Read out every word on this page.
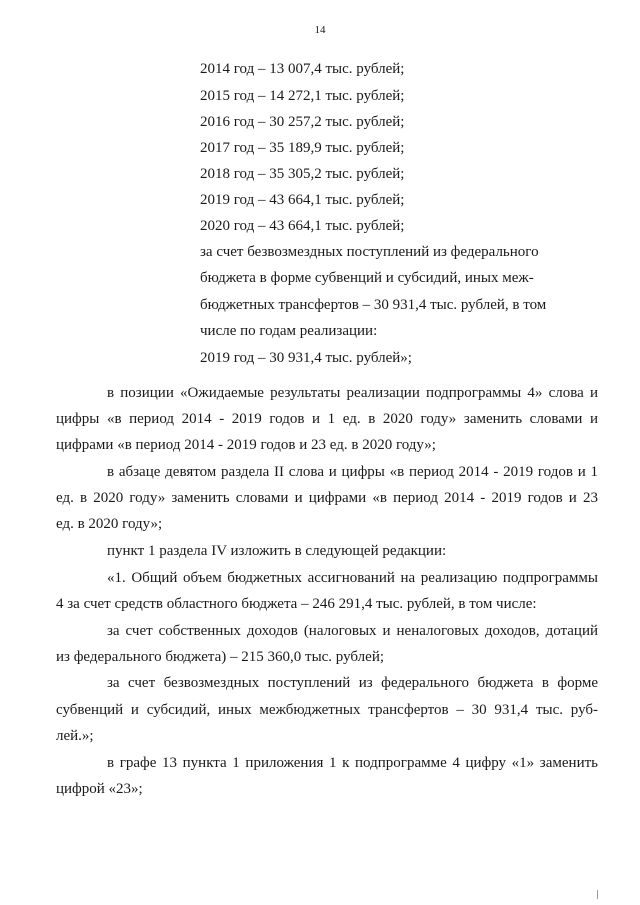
14
2014 год – 13 007,4 тыс. рублей;
2015 год – 14 272,1 тыс. рублей;
2016 год – 30 257,2 тыс. рублей;
2017 год – 35 189,9 тыс. рублей;
2018 год – 35 305,2 тыс. рублей;
2019 год – 43 664,1 тыс. рублей;
2020 год – 43 664,1 тыс. рублей;
за счет безвозмездных поступлений из федерального
бюджета в форме субвенций и субсидий, иных меж-
бюджетных трансфертов – 30 931,4 тыс. рублей, в том
числе по годам реализации:
2019 год – 30 931,4 тыс. рублей»;
в позиции «Ожидаемые результаты реализации подпрограммы 4» слова и
цифры «в период 2014 - 2019 годов и 1 ед. в 2020 году» заменить словами и
цифрами «в период 2014 - 2019 годов и 23 ед. в 2020 году»;
в абзаце девятом раздела II слова и цифры «в период 2014 - 2019 годов и 1
ед. в 2020 году» заменить словами и цифрами «в период 2014 - 2019 годов и 23
ед. в 2020 году»;
пункт 1 раздела IV изложить в следующей редакции:
«1. Общий объем бюджетных ассигнований на реализацию подпрограммы
4 за счет средств областного бюджета – 246 291,4 тыс. рублей, в том числе:
за счет собственных доходов (налоговых и неналоговых доходов, дотаций
из федерального бюджета) – 215 360,0 тыс. рублей;
за счет безвозмездных поступлений из федерального бюджета в форме
субвенций и субсидий, иных межбюджетных трансфертов – 30 931,4 тыс. руб-
лей.»;
в графе 13 пункта 1 приложения 1 к подпрограмме 4 цифру «1» заменить
цифрой «23»;
